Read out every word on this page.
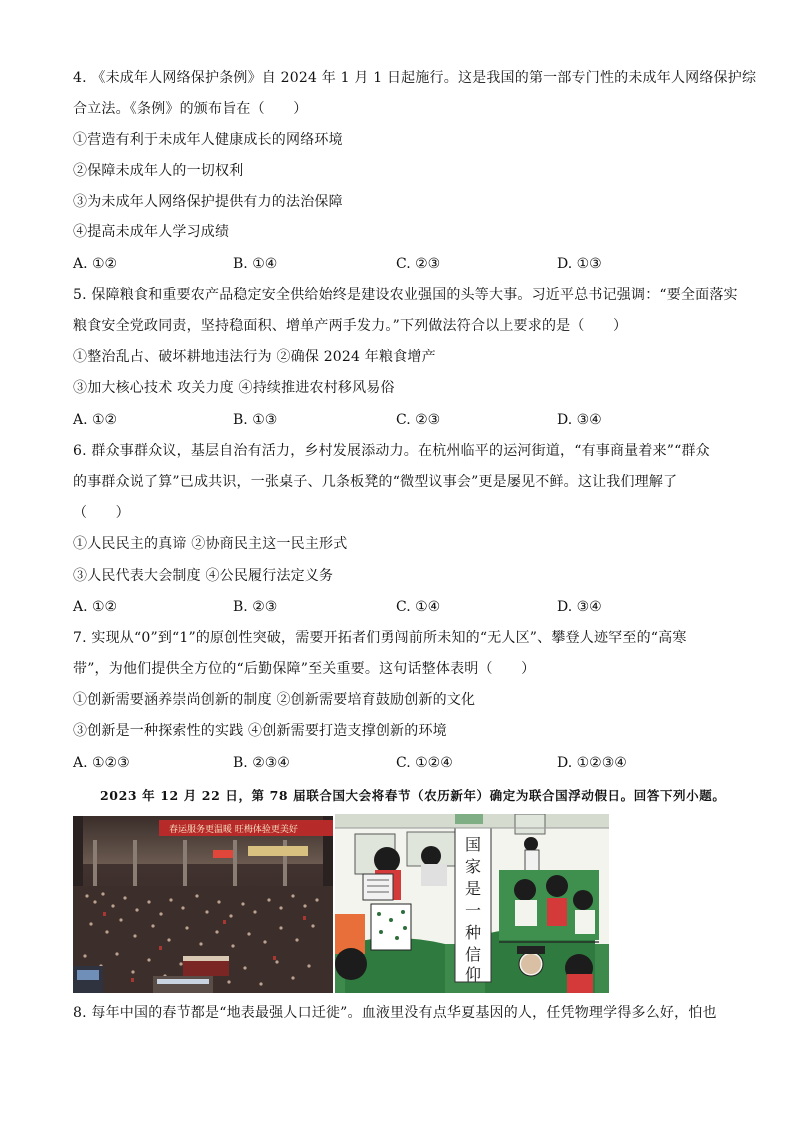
4. 《未成年人网络保护条例》自 2024 年 1 月 1 日起施行。这是我国的第一部专门性的未成年人网络保护综
合立法。《条例》的颁布旨在（　　）
①营造有利于未成年人健康成长的网络环境
②保障未成年人的一切权利
③为未成年人网络保护提供有力的法治保障
④提高未成年人学习成绩
A. ①②	B. ①④	C. ②③	D. ①③
5. 保障粮食和重要农产品稳定安全供给始终是建设农业强国的头等大事。习近平总书记强调：“要全面落实
粮食安全党政同责，坚持稳面积、增单产两手发力。”下列做法符合以上要求的是（　　）
①整治乱占、破坏耕地违法行为 ②确保 2024 年粮食增产
③加大核心技术 攻关力度 ④持续推进农村移风易俗
A. ①②	B. ①③	C. ②③	D. ③④
6. 群众事群众议，基层自治有活力，乡村发展添动力。在杭州临平的运河街道，“有事商量着来”“群众
的事群众说了算”已成共识，一张桌子、几条板凳的“微型议事会”更是屡见不鲜。这让我们理解了
（　　）
①人民民主的真谛 ②协商民主这一民主形式
③人民代表大会制度 ④公民履行法定义务
A. ①②	B. ②③	C. ①④	D. ③④
7. 实现从“0”到“1”的原创性突破，需要开拓者们勇闯前所未知的“无人区”、攀登人迹罕至的“高寒
带”，为他们提供全方位的“后勤保障”至关重要。这句话整体表明（　　）
①创新需要涵养崇尚创新的制度 ②创新需要培育鼓励创新的文化
③创新是一种探索性的实践 ④创新需要打造支撑创新的环境
A. ①②③	B. ②③④	C. ①②④	D. ①②③④
2023 年 12 月 22 日，第 78 届联合国大会将春节（农历新年）确定为联合国浮动假日。回答下列小题。
春运服务更温暖 旺梅体验更美好
国
家
是
一
种
信
仰
8. 每年中国的春节都是“地表最强人口迁徙”。血液里没有点华夏基因的人，任凭物理学得多么好，怕也
